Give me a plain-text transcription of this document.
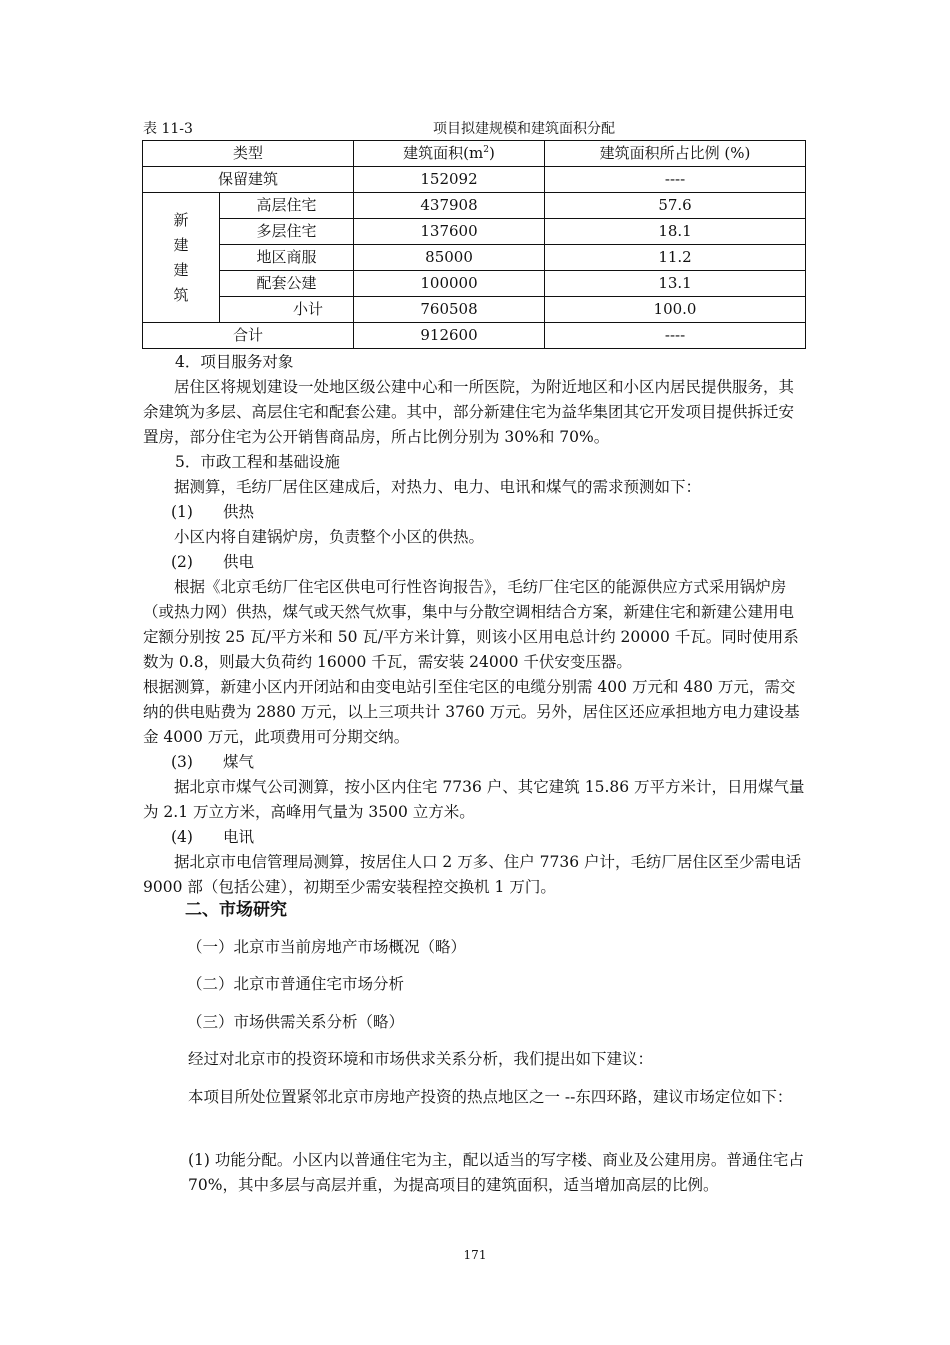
表 11-3	项目拟建规模和建筑面积分配
类型		建筑面积$(m^2)$	建筑面积所占比例 (%)
保留建筑		152092	----
新建建筑	高层住宅	437908	57.6
	多层住宅	137600	18.1
	地区商服	85000	11.2
	配套公建	100000	13.1
	小计	760508	100.0
合计		912600	----
4．项目服务对象

居住区将规划建设一处地区级公建中心和一所医院，为附近地区和小区内居民提供服务，其余建筑为多层、高层住宅和配套公建。其中，部分新建住宅为益华集团其它开发项目提供拆迁安置房，部分住宅为公开销售商品房，所占比例分别为 30%和 70%。

5．市政工程和基础设施

据测算，毛纺厂居住区建成后，对热力、电力、电讯和煤气的需求预测如下：

(1) 供热

小区内将自建锅炉房，负责整个小区的供热。

(2) 供电

根据《北京毛纺厂住宅区供电可行性咨询报告》，毛纺厂住宅区的能源供应方式采用锅炉房（或热力网）供热，煤气或天然气炊事，集中与分散空调相结合方案，新建住宅和新建公建用电定额分别按 25 瓦/平方米和 50 瓦/平方米计算，则该小区用电总计约 20000 千瓦。同时使用系数为 0.8，则最大负荷约 16000 千瓦，需安装 24000 千伏安变压器。

根据测算，新建小区内开闭站和由变电站引至住宅区的电缆分别需 400 万元和 480 万元，需交纳的供电贴费为 2880 万元，以上三项共计 3760 万元。另外，居住区还应承担地方电力建设基金 4000 万元，此项费用可分期交纳。

(3) 煤气

据北京市煤气公司测算，按小区内住宅 7736 户、其它建筑 15.86 万平方米计，日用煤气量为 2.1 万立方米，高峰用气量为 3500 立方米。

(4) 电讯

据北京市电信管理局测算，按居住人口 2 万多、住户 7736 户计，毛纺厂居住区至少需电话 9000 部（包括公建），初期至少需安装程控交换机 1 万门。

二、市场研究
（一）北京市当前房地产市场概况（略）
（二）北京市普通住宅市场分析
（三）市场供需关系分析（略）

经过对北京市的投资环境和市场供求关系分析，我们提出如下建议：

本项目所处位置紧邻北京市房地产投资的热点地区之一 --东四环路，建议市场定位如下：

(1) 功能分配。小区内以普通住宅为主，配以适当的写字楼、商业及公建用房。普通住宅占 70%，其中多层与高层并重，为提高项目的建筑面积，适当增加高层的比例。

171
